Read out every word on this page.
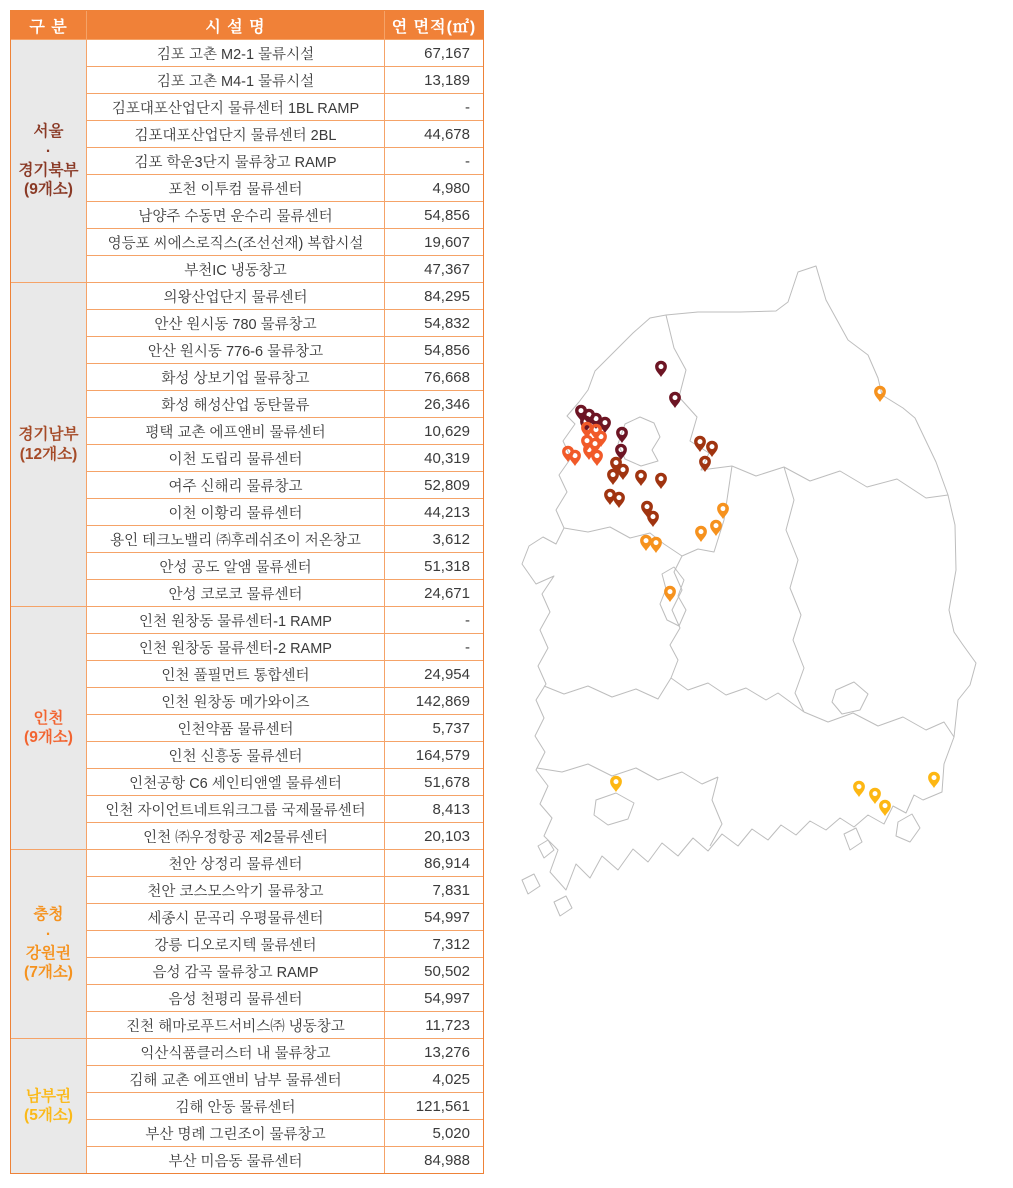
구 분	시 설 명	연 면적(㎡)
서울
·
경기북부
(9개소)
김포 고촌 M2-1 물류시설	67,167
김포 고촌 M4-1 물류시설	13,189
김포대포산업단지 물류센터 1BL RAMP	-
김포대포산업단지 물류센터 2BL	44,678
김포 학운3단지 물류창고 RAMP	-
포천 이투컴 물류센터	4,980
남양주 수동면 운수리 물류센터	54,856
영등포 씨에스로직스(조선선재) 복합시설	19,607
부천IC 냉동창고	47,367
경기남부
(12개소)
의왕산업단지 물류센터	84,295
안산 원시동 780 물류창고	54,832
안산 원시동 776-6 물류창고	54,856
화성 상보기업 물류창고	76,668
화성 해성산업 동탄물류	26,346
평택 교촌 에프앤비 물류센터	10,629
이천 도립리 물류센터	40,319
여주 신해리 물류창고	52,809
이천 이황리 물류센터	44,213
용인 테크노밸리 ㈜후레쉬조이 저온창고	3,612
안성 공도 알앰 물류센터	51,318
안성 코로코 물류센터	24,671
인천
(9개소)
인천 원창동 물류센터-1 RAMP	-
인천 원창동 물류센터-2 RAMP	-
인천 풀필먼트 통합센터	24,954
인천 원창동 메가와이즈	142,869
인천약품 물류센터	5,737
인천 신흥동 물류센터	164,579
인천공항 C6 세인티앤엘 물류센터	51,678
인천 자이언트네트워크그룹 국제물류센터	8,413
인천 ㈜우정항공 제2물류센터	20,103
충청
·
강원권
(7개소)
천안 상정리 물류센터	86,914
천안 코스모스악기 물류창고	7,831
세종시 문곡리 우평물류센터	54,997
강릉 디오로지텍 물류센터	7,312
음성 감곡 물류창고 RAMP	50,502
음성 천평리 물류센터	54,997
진천 해마로푸드서비스㈜ 냉동창고	11,723
남부권
(5개소)
익산식품클러스터 내 물류창고	13,276
김해 교촌 에프앤비 남부 물류센터	4,025
김해 안동 물류센터	121,561
부산 명례 그린조이 물류창고	5,020
부산 미음동 물류센터	84,988
